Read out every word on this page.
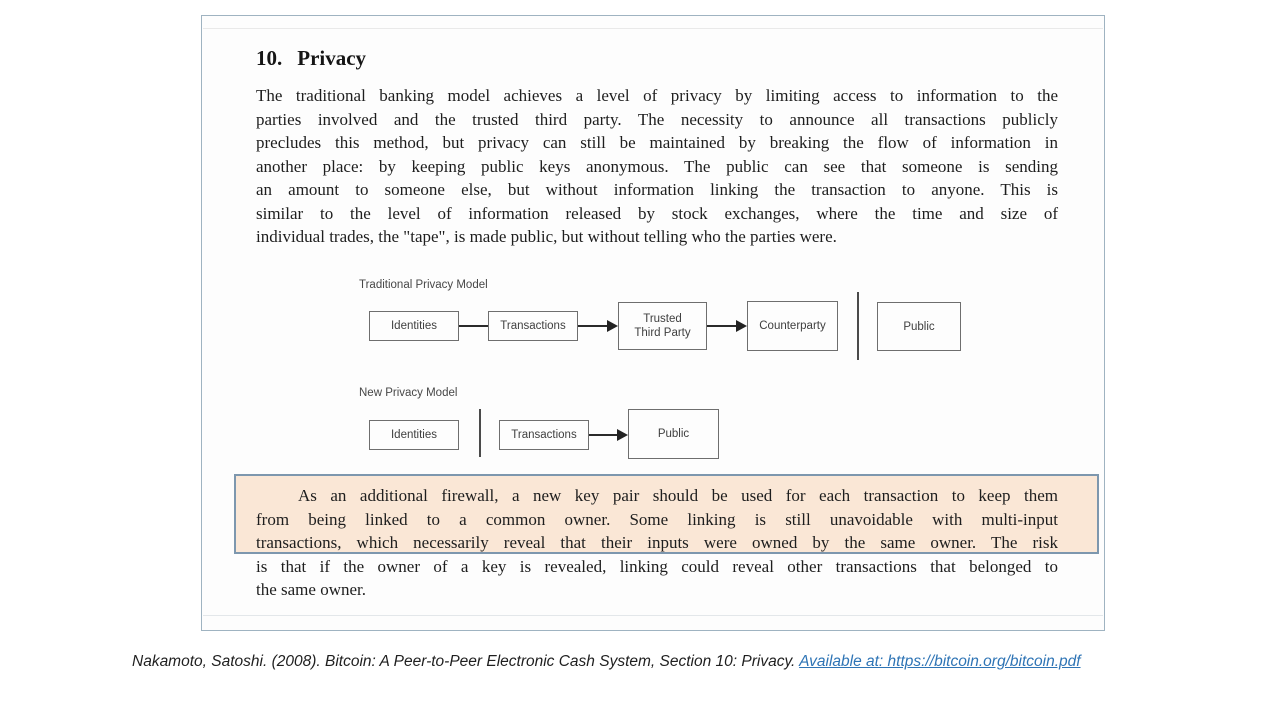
10. Privacy
The traditional banking model achieves a level of privacy by limiting access to information to the
parties involved and the trusted third party. The necessity to announce all transactions publicly
precludes this method, but privacy can still be maintained by breaking the flow of information in
another place: by keeping public keys anonymous. The public can see that someone is sending
an amount to someone else, but without information linking the transaction to anyone. This is
similar to the level of information released by stock exchanges, where the time and size of
individual trades, the "tape", is made public, but without telling who the parties were.
Traditional Privacy Model
Identities	Transactions
Trusted
Third Party
Counterparty	Public
New Privacy Model
Identities	Transactions	Public
As an additional firewall, a new key pair should be used for each transaction to keep them
from being linked to a common owner. Some linking is still unavoidable with multi-input
transactions, which necessarily reveal that their inputs were owned by the same owner. The risk
is that if the owner of a key is revealed, linking could reveal other transactions that belonged to
the same owner.
Nakamoto, Satoshi. (2008). Bitcoin: A Peer-to-Peer Electronic Cash System, Section 10: Privacy. Available at: https://bitcoin.org/bitcoin.pdf
